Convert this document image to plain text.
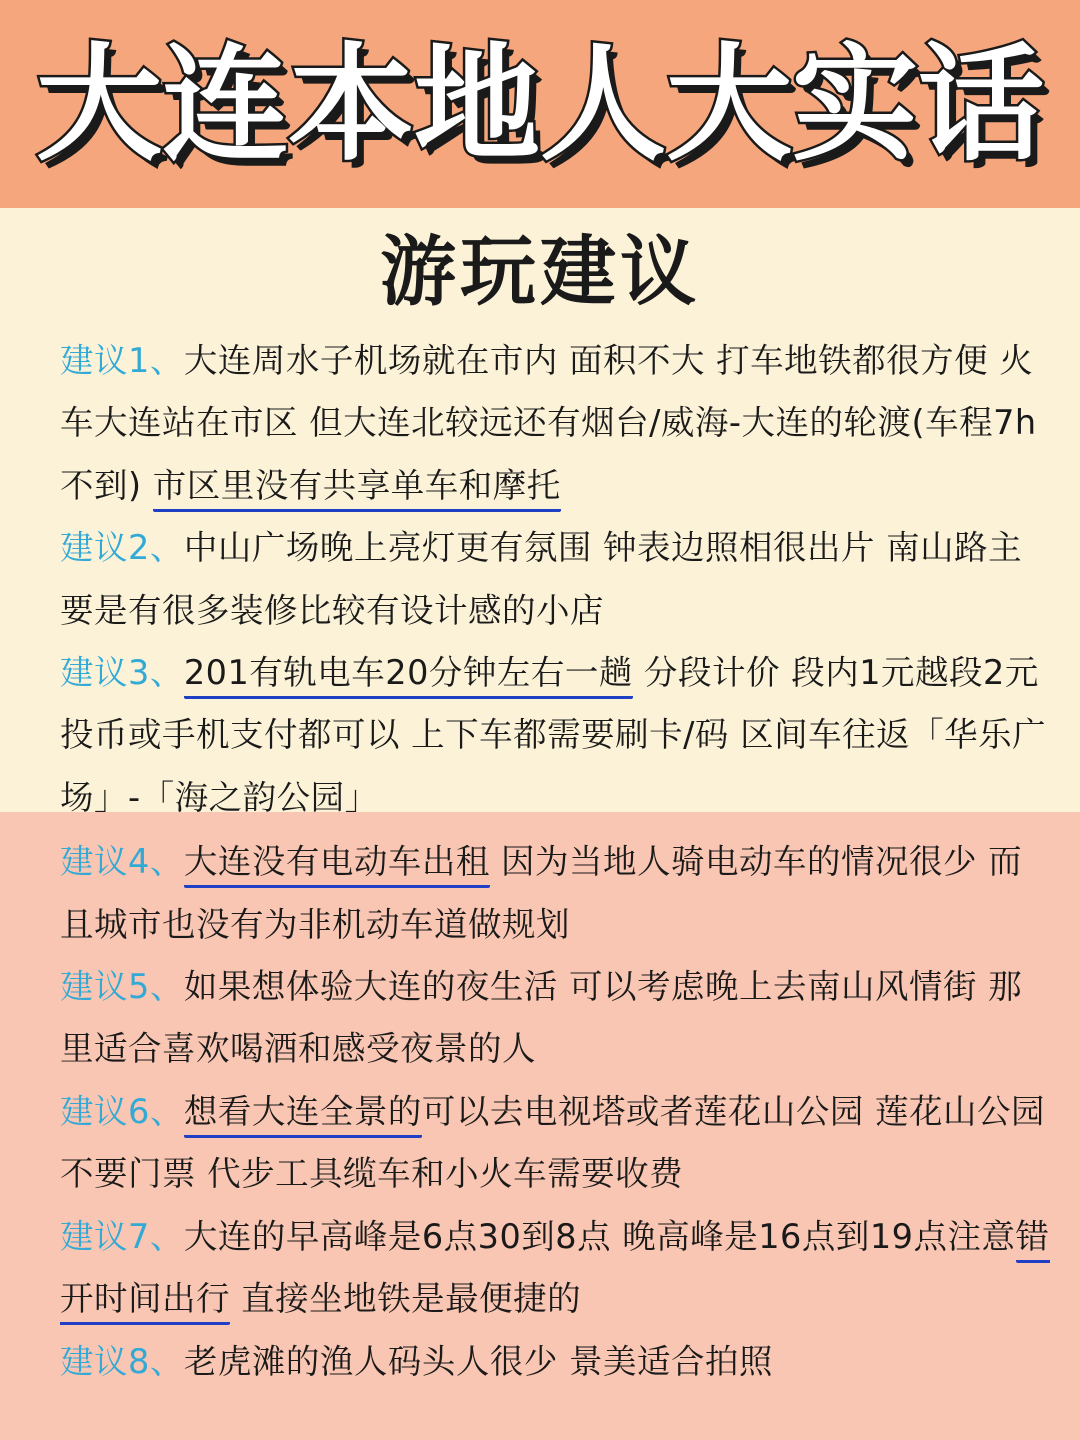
大连本地人大实话
游玩建议

建议1、大连周水子机场就在市内 面积不大 打车地铁都很方便 火车大连站在市区 但大连北较远还有烟台/威海-大连的轮渡(车程7h不到) 市区里没有共享单车和摩托

建议2、中山广场晚上亮灯更有氛围 钟表边照相很出片 南山路主要是有很多装修比较有设计感的小店

建议3、201有轨电车20分钟左右一趟 分段计价 段内1元越段2元 投币或手机支付都可以 上下车都需要刷卡/码 区间车往返「华乐广场」-「海之韵公园」

建议4、大连没有电动车出租 因为当地人骑电动车的情况很少 而且城市也没有为非机动车道做规划

建议5、如果想体验大连的夜生活 可以考虑晚上去南山风情街 那里适合喜欢喝酒和感受夜景的人

建议6、想看大连全景的可以去电视塔或者莲花山公园 莲花山公园不要门票 代步工具缆车和小火车需要收费

建议7、大连的早高峰是6点30到8点 晚高峰是16点到19点注意错开时间出行 直接坐地铁是最便捷的

建议8、老虎滩的渔人码头人很少 景美适合拍照
